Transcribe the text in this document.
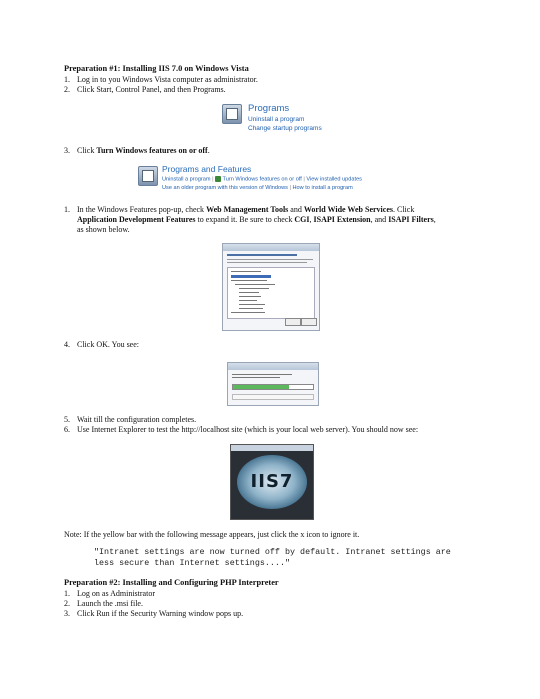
Preparation #1: Installing IIS 7.0 on Windows Vista
1. Log in to you Windows Vista computer as administrator.
2. Click Start, Control Panel, and then Programs.
Programs
Uninstall a program
Change startup programs
3. Click Turn Windows features on or off.
Programs and Features
Uninstall a program | Turn Windows features on or off | View installed updates
Use an older program with this version of Windows | How to install a program
1. In the Windows Features pop-up, check Web Management Tools and World Wide Web Services. Click
Application Development Features to expand it. Be sure to check CGI, ISAPI Extension, and ISAPI Filters,
as shown below.
4. Click OK. You see:
5. Wait till the configuration completes.
6. Use Internet Explorer to test the http://localhost site (which is your local web server). You should now see:
IIS7
Note: If the yellow bar with the following message appears, just click the x icon to ignore it.
"Intranet settings are now turned off by default. Intranet settings are
less secure than Internet settings...."
Preparation #2: Installing and Configuring PHP Interpreter
1. Log on as Administrator
2. Launch the .msi file.
3. Click Run if the Security Warning window pops up.
